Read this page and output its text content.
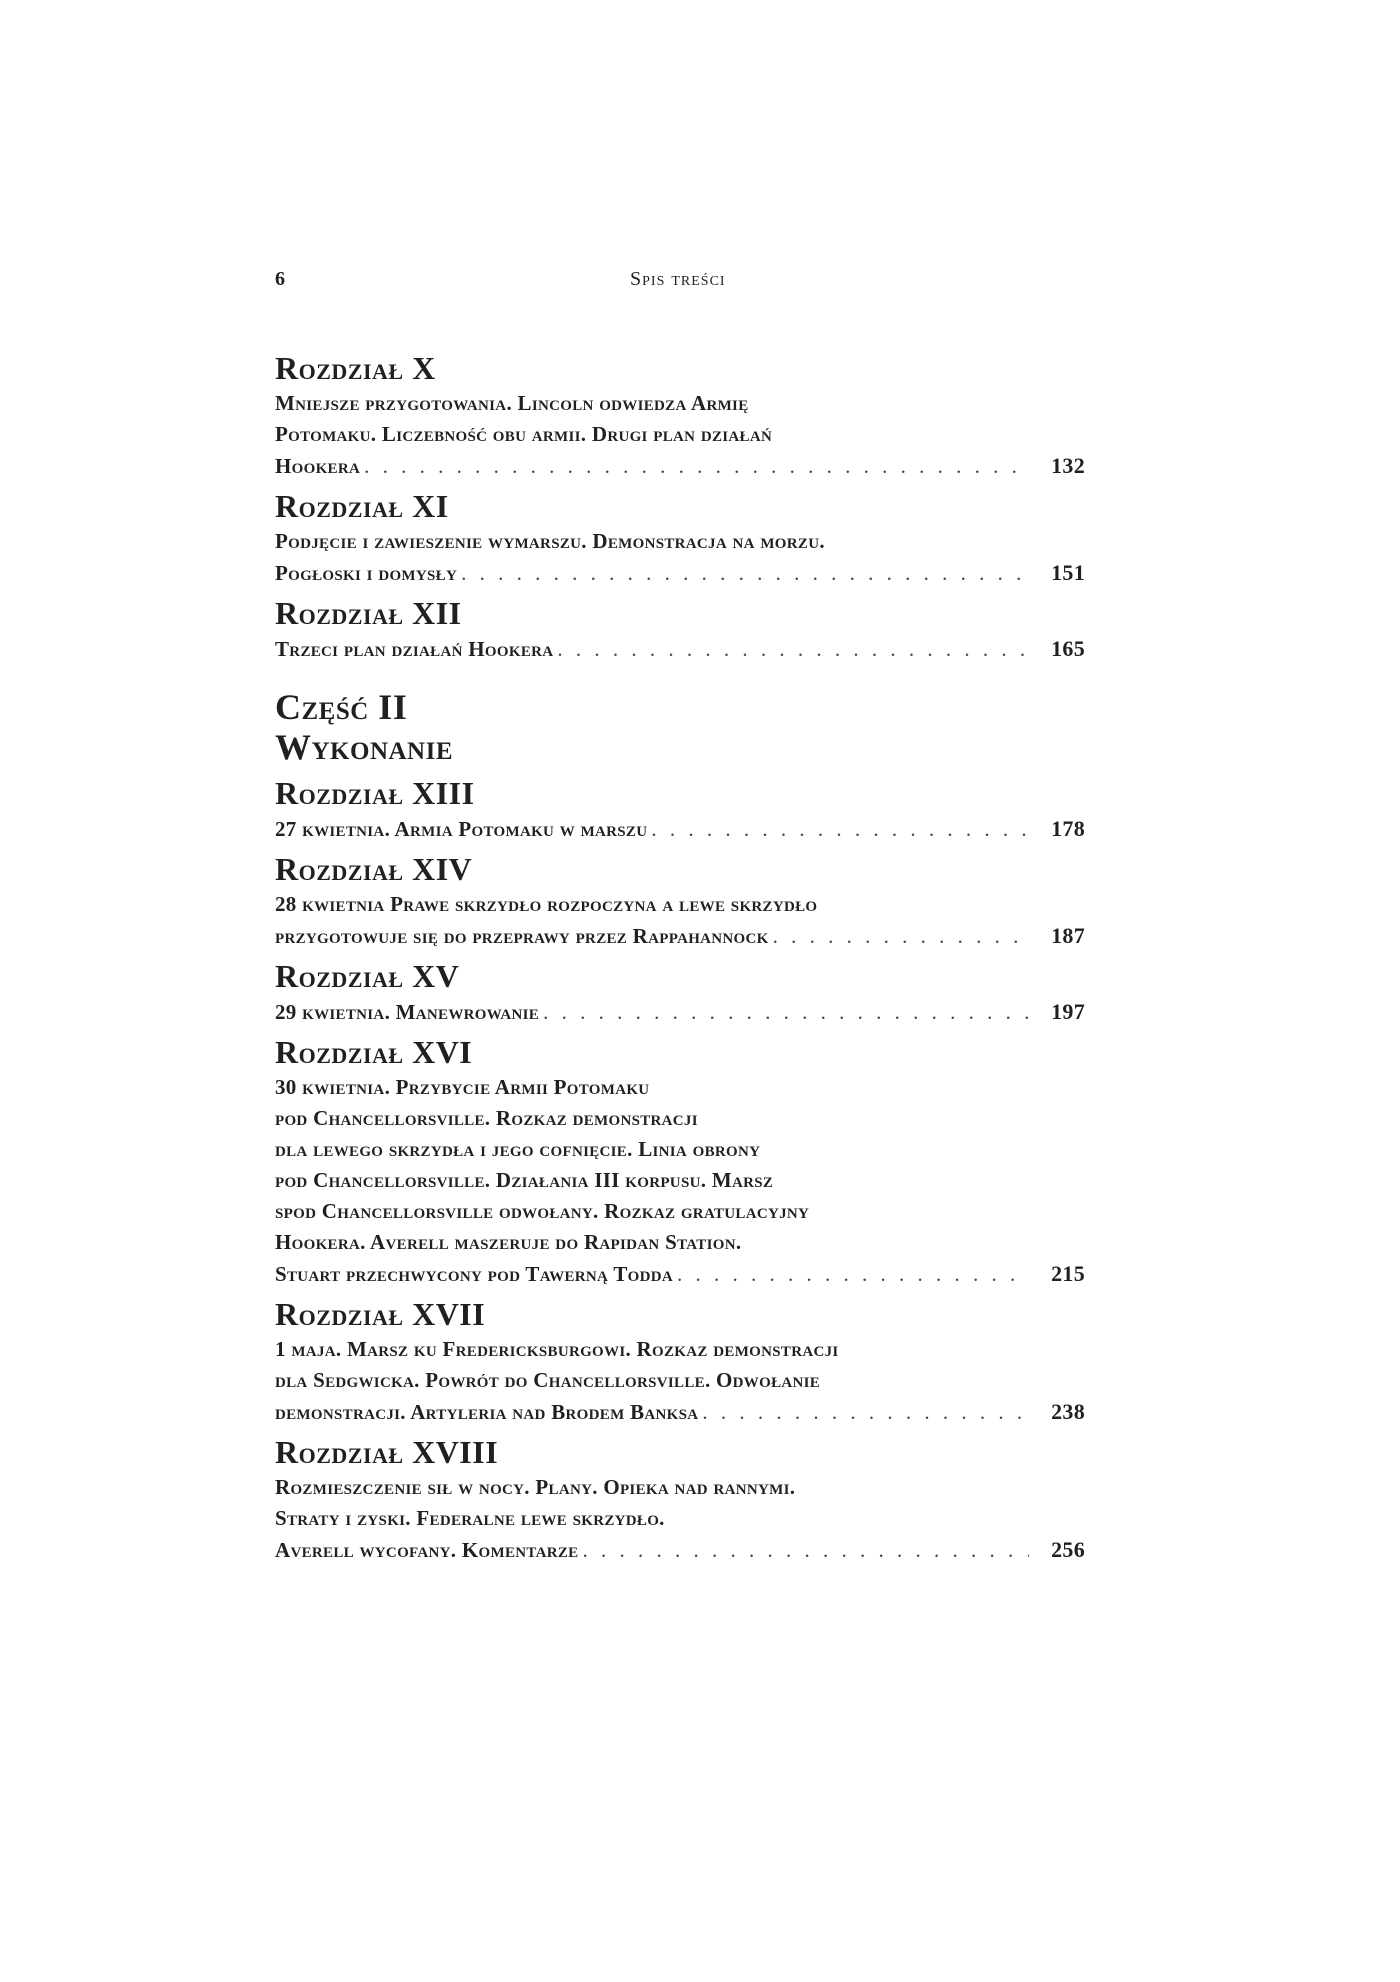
6	Spis treści
Rozdział X
Mniejsze przygotowania. Lincoln odwiedza Armię
Potomaku. Liczebność obu armii. Drugi plan działań
Hookera . . .	132
Rozdział XI
Podjęcie i zawieszenie wymarszu. Demonstracja na morzu.
Pogłoski i domysły . . .	151
Rozdział XII
Trzeci plan działań Hookera . . .	165
Część II
Wykonanie
Rozdział XIII
27 kwietnia. Armia Potomaku w marszu . . .	178
Rozdział XIV
28 kwietnia Prawe skrzydło rozpoczyna a lewe skrzydło
przygotowuje się do przeprawy przez Rappahannock . . .	187
Rozdział XV
29 kwietnia. Manewrowanie . . .	197
Rozdział XVI
30 kwietnia. Przybycie Armii Potomaku
pod Chancellorsville. Rozkaz demonstracji
dla lewego skrzydła i jego cofnięcie. Linia obrony
pod Chancellorsville. Działania III korpusu. Marsz
spod Chancellorsville odwołany. Rozkaz gratulacyjny
Hookera. Averell maszeruje do Rapidan Station.
Stuart przechwycony pod Tawerną Todda . . .	215
Rozdział XVII
1 maja. Marsz ku Fredericksburgowi. Rozkaz demonstracji
dla Sedgwicka. Powrót do Chancellorsville. Odwołanie
demonstracji. Artyleria nad Brodem Banksa . . .	238
Rozdział XVIII
Rozmieszczenie sił w nocy. Plany. Opieka nad rannymi.
Straty i zyski. Federalne lewe skrzydło.
Averell wycofany. Komentarze . . .	256
